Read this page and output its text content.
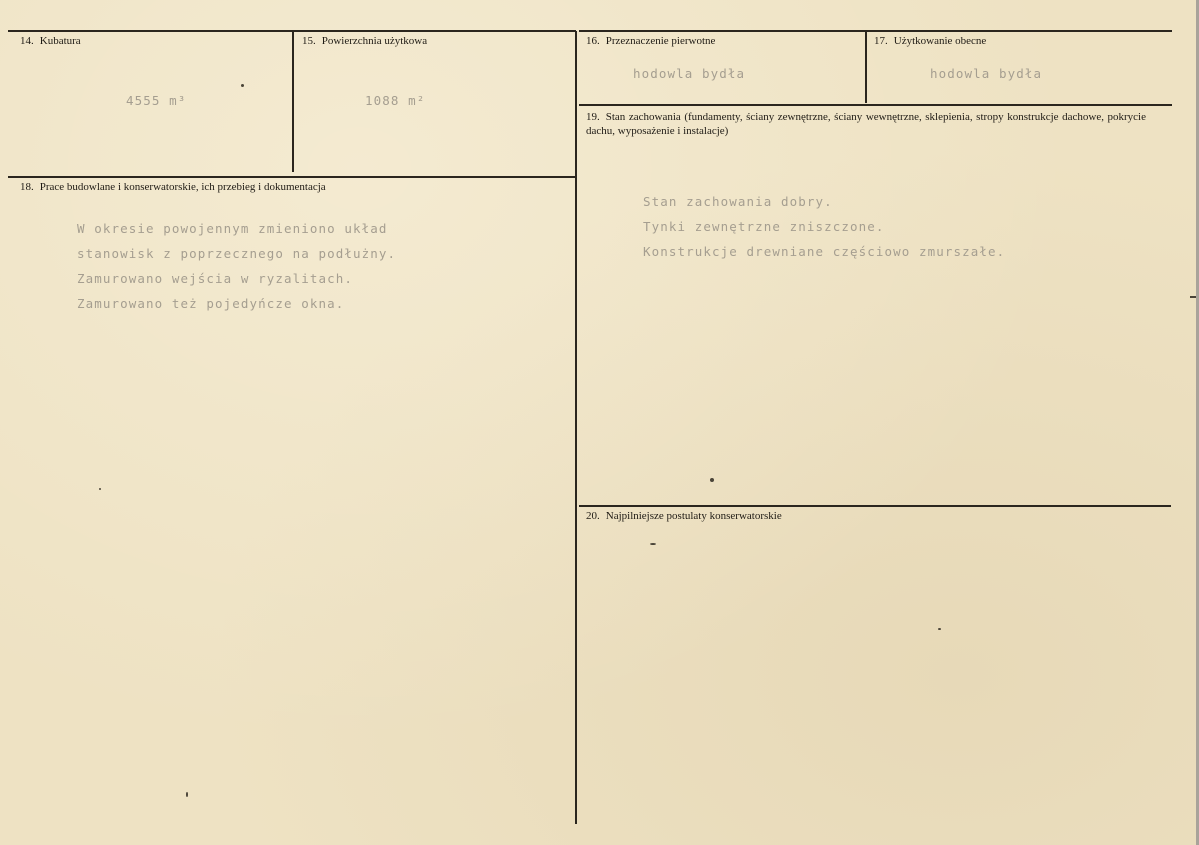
14. Kubatura
4555 m³
15. Powierzchnia użytkowa
1088 m²
16. Przeznaczenie pierwotne
hodowla bydła
17. Użytkowanie obecne
hodowla bydła
18. Prace budowlane i konserwatorskie, ich przebieg i dokumentacja
W okresie powojennym zmieniono układ
stanowisk z poprzecznego na podłużny.
Zamurowano wejścia w ryzalitach.
Zamurowano też pojedyńcze okna.
19. Stan zachowania (fundamenty, ściany zewnętrzne, ściany wewnętrzne, sklepienia, stropy konstrukcje dachowe, pokrycie dachu, wyposażenie i instalacje)
Stan zachowania dobry.
Tynki zewnętrzne zniszczone.
Konstrukcje drewniane częściowo zmurszałe.
20. Najpilniejsze postulaty konserwatorskie
